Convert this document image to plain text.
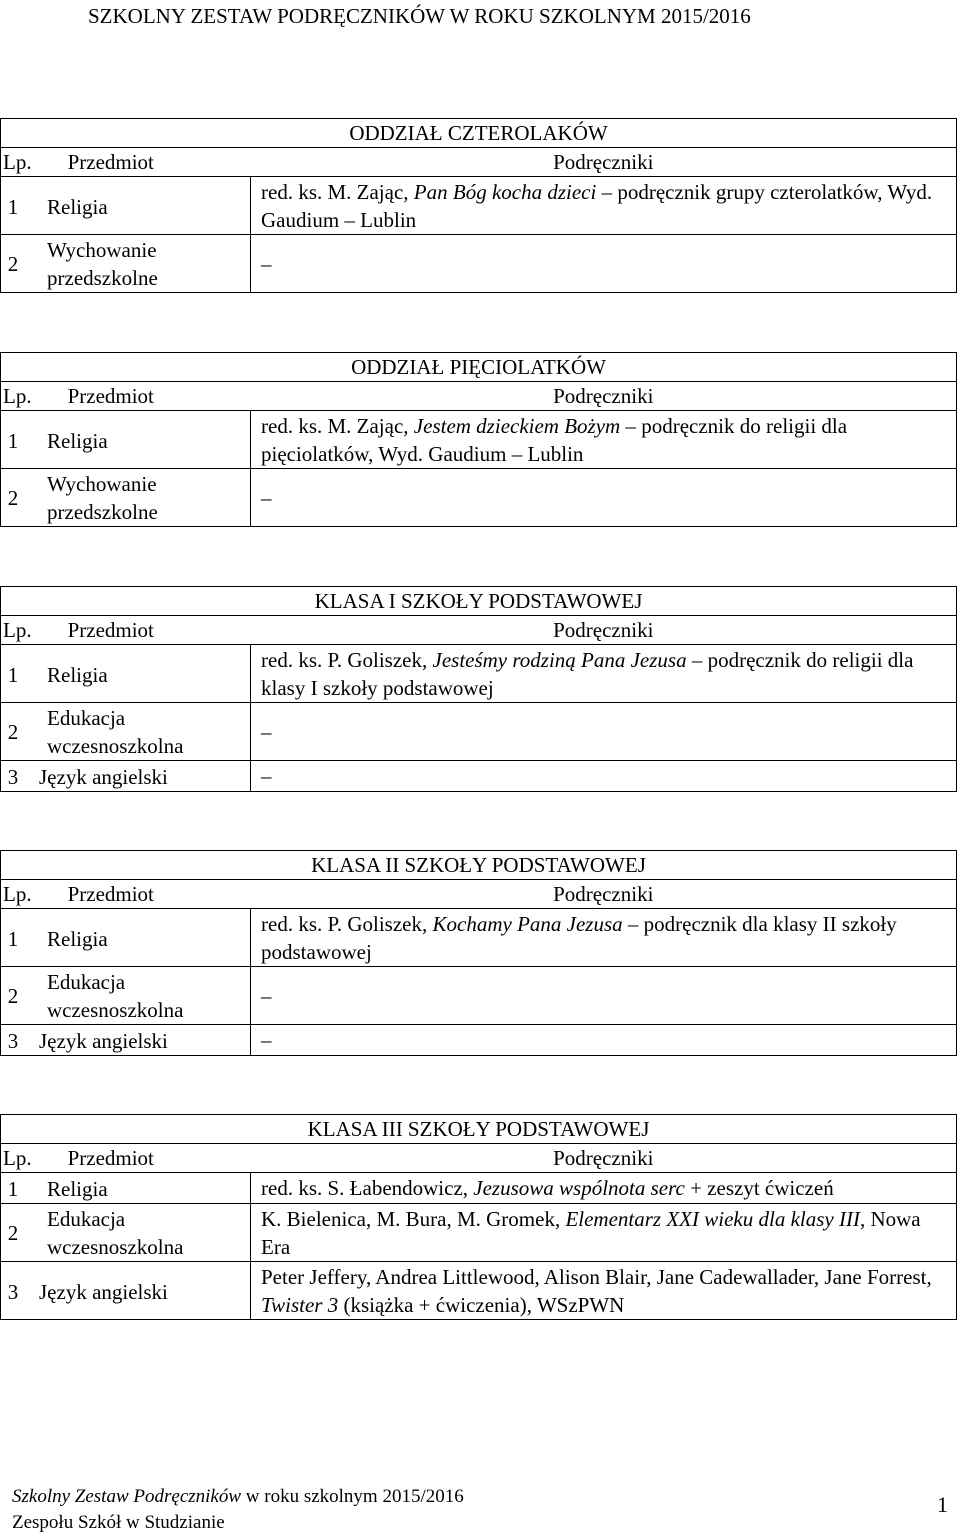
SZKOLNY ZESTAW PODRĘCZNIKÓW W ROKU SZKOLNYM 2015/2016
ODDZIAŁ CZTEROLAKÓW	
Lp. Przedmiot	Podręczniki
1 Religia	red. ks. M. Zając, Pan Bóg kocha dzieci – podręcznik grupy czterolatków, Wyd. Gaudium – Lublin
2Wychowanie przedszkolne	–
ODDZIAŁ PIĘCIOLATKÓW	
Lp. Przedmiot	Podręczniki
1 Religia	red. ks. M. Zając, Jestem dzieckiem Bożym – podręcznik do religii dla pięciolatków, Wyd. Gaudium – Lublin
2Wychowanie przedszkolne	–
KLASA I SZKOŁY PODSTAWOWEJ	
Lp. Przedmiot	Podręczniki
1 Religia	red. ks. P. Goliszek, Jesteśmy rodziną Pana Jezusa – podręcznik do religii dla klasy I szkoły podstawowej
2Edukacja wczesnoszkolna	–
3 Język angielski	–
KLASA II SZKOŁY PODSTAWOWEJ	
Lp. Przedmiot	Podręczniki
1 Religia	red. ks. P. Goliszek, Kochamy Pana Jezusa – podręcznik dla klasy II szkoły podstawowej
2Edukacja wczesnoszkolna	–
3 Język angielski	–
KLASA III SZKOŁY PODSTAWOWEJ	
Lp. Przedmiot	Podręczniki
1 Religia	red. ks. S. Łabendowicz, Jezusowa wspólnota serc + zeszyt ćwiczeń
2Edukacja wczesnoszkolna	K. Bielenica, M. Bura, M. Gromek, Elementarz XXI wieku dla klasy III, Nowa Era
3 Język angielski	Peter Jeffery, Andrea Littlewood, Alison Blair, Jane Cadewallader, Jane Forrest, Twister 3 (książka + ćwiczenia), WSzPWN
Szkolny Zestaw Podręczników w roku szkolnym 2015/2016
Zespołu Szkół w Studzianie
1
